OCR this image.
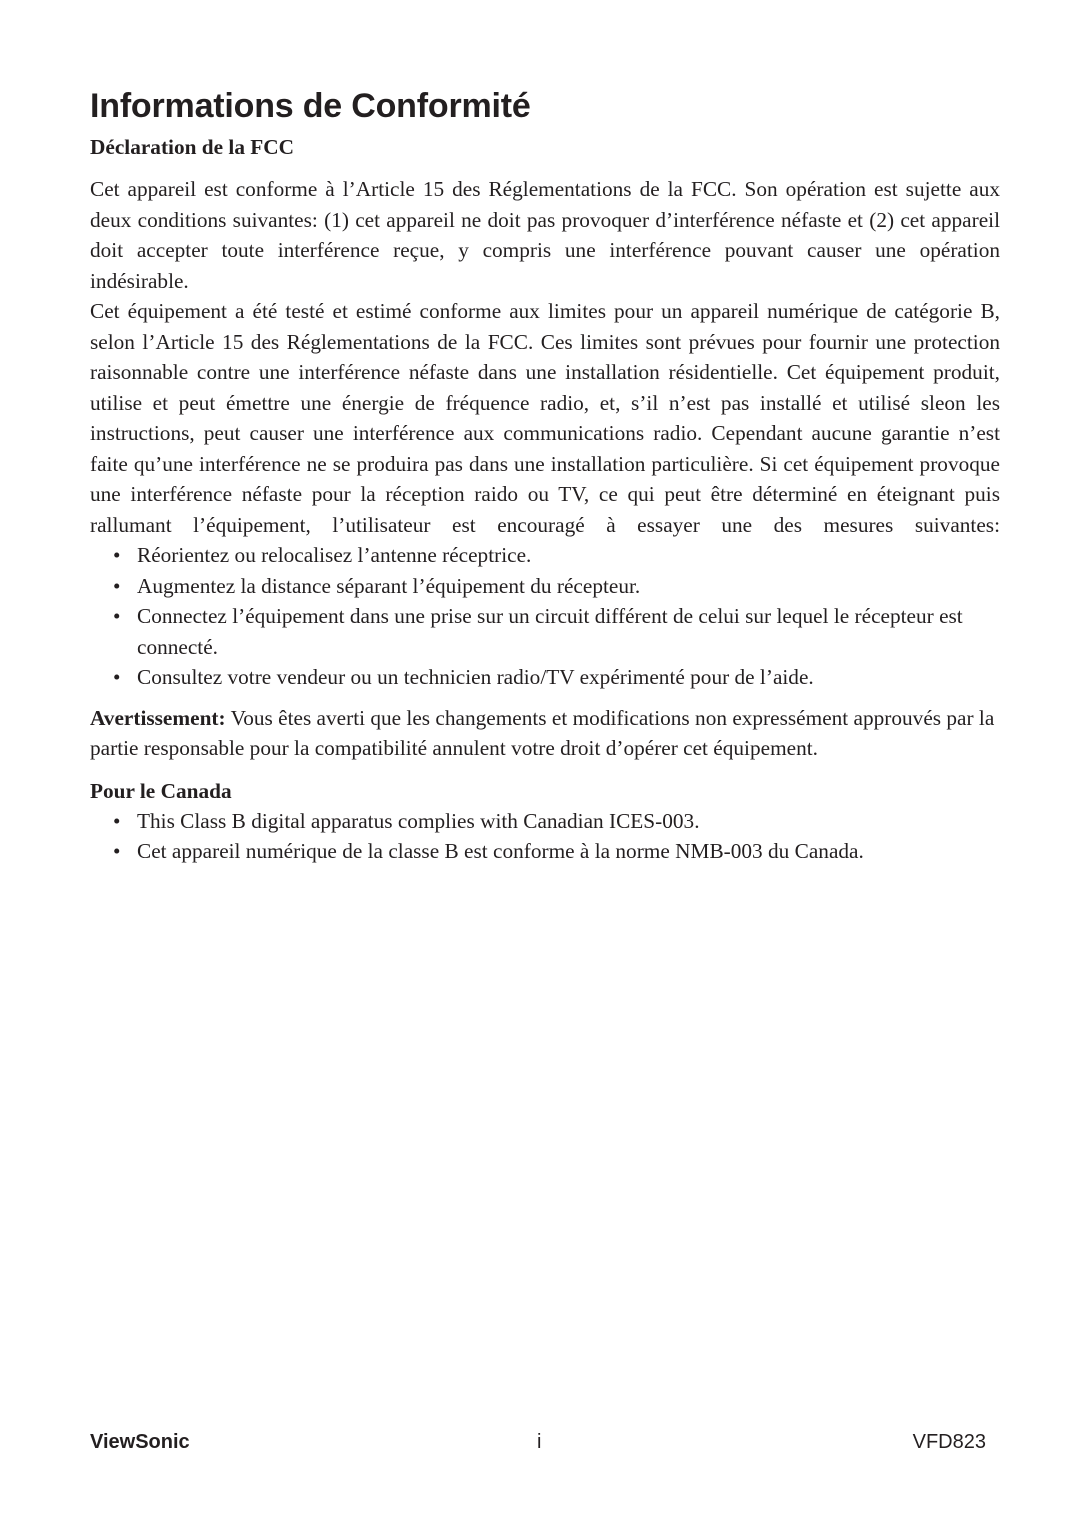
Informations de Conformité
Déclaration de la FCC

Cet appareil est conforme à l’Article 15 des Réglementations de la FCC. Son opération est sujette aux deux conditions suivantes: (1) cet appareil ne doit pas provoquer d’interférence néfaste et (2) cet appareil doit accepter toute interférence reçue, y compris une interférence pouvant causer une opération indésirable.

Cet équipement a été testé et estimé conforme aux limites pour un appareil numérique de catégorie B, selon l’Article 15 des Réglementations de la FCC. Ces limites sont prévues pour fournir une protection raisonnable contre une interférence néfaste dans une installation résidentielle. Cet équipement produit, utilise et peut émettre une énergie de fréquence radio, et, s’il n’est pas installé et utilisé sleon les instructions, peut causer une interférence aux communications radio. Cependant aucune garantie n’est faite qu’une interférence ne se produira pas dans une installation particulière. Si cet équipement provoque une interférence néfaste pour la réception raido ou TV, ce qui peut être déterminé en éteignant puis rallumant l’équipement, l’utilisateur est encouragé à essayer une des mesures suivantes:

• Réorientez ou relocalisez l’antenne réceptrice.
• Augmentez la distance séparant l’équipement du récepteur.
• Connectez l’équipement dans une prise sur un circuit différent de celui sur lequel le récepteur est connecté.
• Consultez votre vendeur ou un technicien radio/TV expérimenté pour de l’aide.

Avertissement: Vous êtes averti que les changements et modifications non expressément approuvés par la partie responsable pour la compatibilité annulent votre droit d’opérer cet équipement.

Pour le Canada
• This Class B digital apparatus complies with Canadian ICES-003.
• Cet appareil numérique de la classe B est conforme à la norme NMB-003 du Canada.
ViewSonic	i	VFD823
